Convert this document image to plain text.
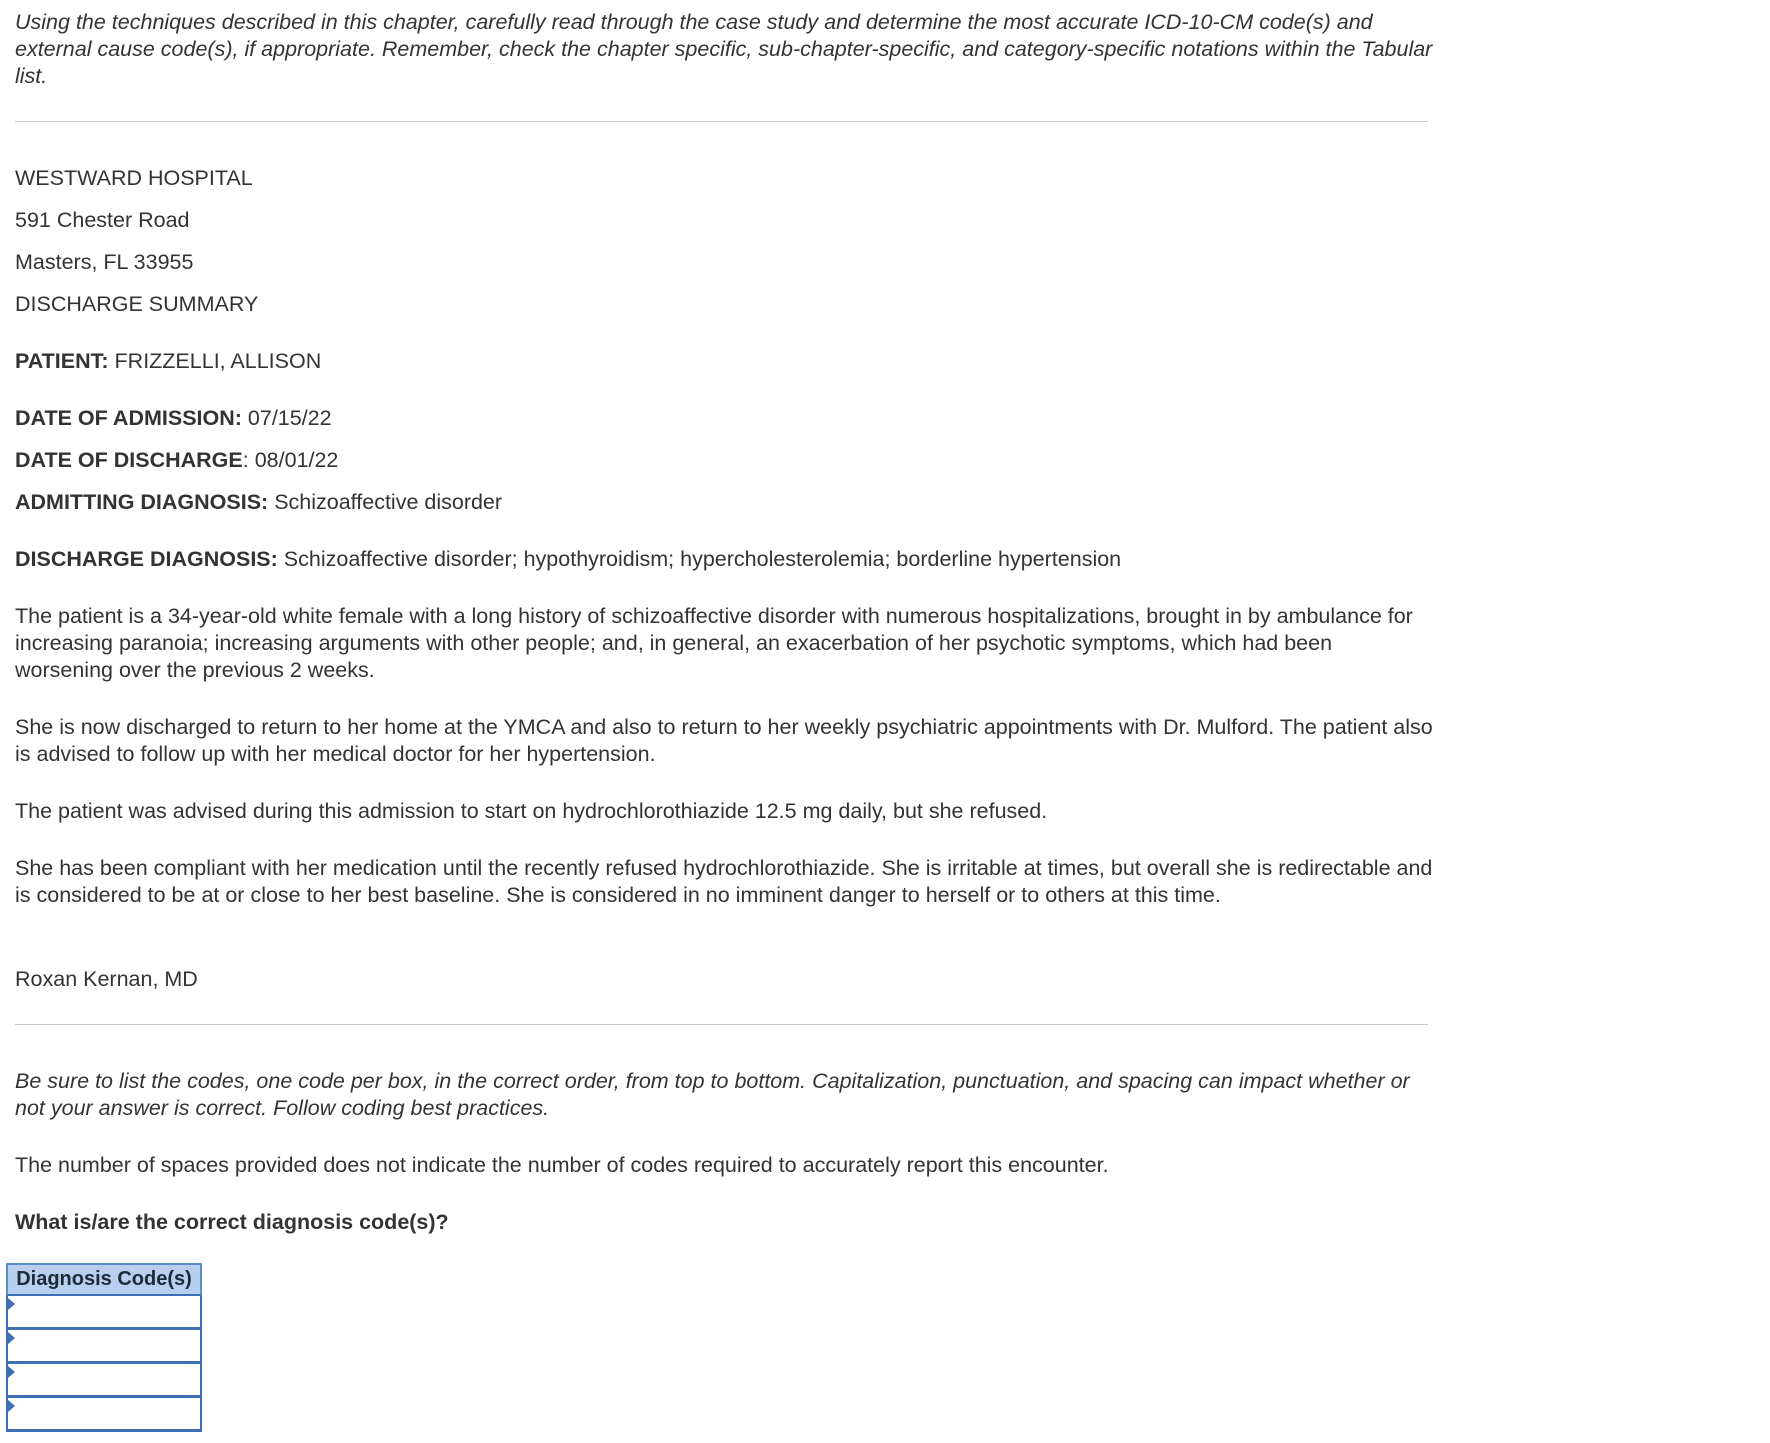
Using the techniques described in this chapter, carefully read through the case study and determine the most accurate ICD-10-CM code(s) and external cause code(s), if appropriate. Remember, check the chapter specific, sub-chapter-specific, and category-specific notations within the Tabular list.

WESTWARD HOSPITAL

591 Chester Road

Masters, FL 33955

DISCHARGE SUMMARY

PATIENT: FRIZZELLI, ALLISON

DATE OF ADMISSION: 07/15/22

DATE OF DISCHARGE: 08/01/22

ADMITTING DIAGNOSIS: Schizoaffective disorder

DISCHARGE DIAGNOSIS: Schizoaffective disorder; hypothyroidism; hypercholesterolemia; borderline hypertension

The patient is a 34-year-old white female with a long history of schizoaffective disorder with numerous hospitalizations, brought in by ambulance for increasing paranoia; increasing arguments with other people; and, in general, an exacerbation of her psychotic symptoms, which had been worsening over the previous 2 weeks.

She is now discharged to return to her home at the YMCA and also to return to her weekly psychiatric appointments with Dr. Mulford. The patient also is advised to follow up with her medical doctor for her hypertension.

The patient was advised during this admission to start on hydrochlorothiazide 12.5 mg daily, but she refused.

She has been compliant with her medication until the recently refused hydrochlorothiazide. She is irritable at times, but overall she is redirectable and is considered to be at or close to her best baseline. She is considered in no imminent danger to herself or to others at this time.

Roxan Kernan, MD

Be sure to list the codes, one code per box, in the correct order, from top to bottom. Capitalization, punctuation, and spacing can impact whether or not your answer is correct. Follow coding best practices.

The number of spaces provided does not indicate the number of codes required to accurately report this encounter.

What is/are the correct diagnosis code(s)?

Diagnosis Code(s)
